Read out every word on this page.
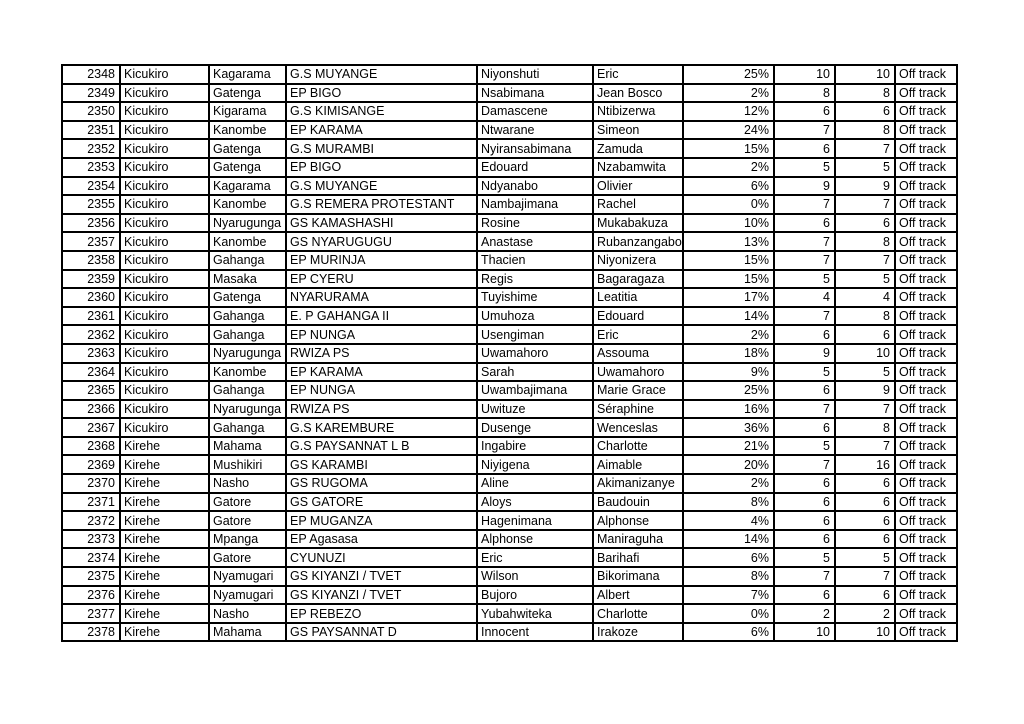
2348	Kicukiro	Kagarama	G.S MUYANGE	Niyonshuti	Eric	25%	10	10	Off track
2349	Kicukiro	Gatenga	EP BIGO	Nsabimana	Jean Bosco	2%	8	8	Off track
2350	Kicukiro	Kigarama	G.S KIMISANGE	Damascene	Ntibizerwa	12%	6	6	Off track
2351	Kicukiro	Kanombe	EP KARAMA	Ntwarane	Simeon	24%	7	8	Off track
2352	Kicukiro	Gatenga	G.S MURAMBI	Nyiransabimana	Zamuda	15%	6	7	Off track
2353	Kicukiro	Gatenga	EP BIGO	Edouard	Nzabamwita	2%	5	5	Off track
2354	Kicukiro	Kagarama	G.S MUYANGE	Ndyanabo	Olivier	6%	9	9	Off track
2355	Kicukiro	Kanombe	G.S REMERA PROTESTANT	Nambajimana	Rachel	0%	7	7	Off track
2356	Kicukiro	Nyarugunga	GS KAMASHASHI	Rosine	Mukabakuza	10%	6	6	Off track
2357	Kicukiro	Kanombe	GS NYARUGUGU	Anastase	Rubanzangabo	13%	7	8	Off track
2358	Kicukiro	Gahanga	EP MURINJA	Thacien	Niyonizera	15%	7	7	Off track
2359	Kicukiro	Masaka	EP CYERU	Regis	Bagaragaza	15%	5	5	Off track
2360	Kicukiro	Gatenga	NYARURAMA	Tuyishime	Leatitia	17%	4	4	Off track
2361	Kicukiro	Gahanga	E. P GAHANGA II	Umuhoza	Edouard	14%	7	8	Off track
2362	Kicukiro	Gahanga	EP NUNGA	Usengiman	Eric	2%	6	6	Off track
2363	Kicukiro	Nyarugunga	RWIZA PS	Uwamahoro	Assouma	18%	9	10	Off track
2364	Kicukiro	Kanombe	EP KARAMA	Sarah	Uwamahoro	9%	5	5	Off track
2365	Kicukiro	Gahanga	EP NUNGA	Uwambajimana	Marie Grace	25%	6	9	Off track
2366	Kicukiro	Nyarugunga	RWIZA PS	Uwituze	Séraphine	16%	7	7	Off track
2367	Kicukiro	Gahanga	G.S KAREMBURE	Dusenge	Wenceslas	36%	6	8	Off track
2368	Kirehe	Mahama	G.S PAYSANNAT L B	Ingabire	Charlotte	21%	5	7	Off track
2369	Kirehe	Mushikiri	GS KARAMBI	Niyigena	Aimable	20%	7	16	Off track
2370	Kirehe	Nasho	GS RUGOMA	Aline	Akimanizanye	2%	6	6	Off track
2371	Kirehe	Gatore	GS GATORE	Aloys	Baudouin	8%	6	6	Off track
2372	Kirehe	Gatore	EP MUGANZA	Hagenimana	Alphonse	4%	6	6	Off track
2373	Kirehe	Mpanga	EP Agasasa	Alphonse	Maniraguha	14%	6	6	Off track
2374	Kirehe	Gatore	CYUNUZI	Eric	Barihafi	6%	5	5	Off track
2375	Kirehe	Nyamugari	GS KIYANZI / TVET	Wilson	Bikorimana	8%	7	7	Off track
2376	Kirehe	Nyamugari	GS KIYANZI / TVET	Bujoro	Albert	7%	6	6	Off track
2377	Kirehe	Nasho	EP REBEZO	Yubahwiteka	Charlotte	0%	2	2	Off track
2378	Kirehe	Mahama	GS PAYSANNAT D	Innocent	Irakoze	6%	10	10	Off track
